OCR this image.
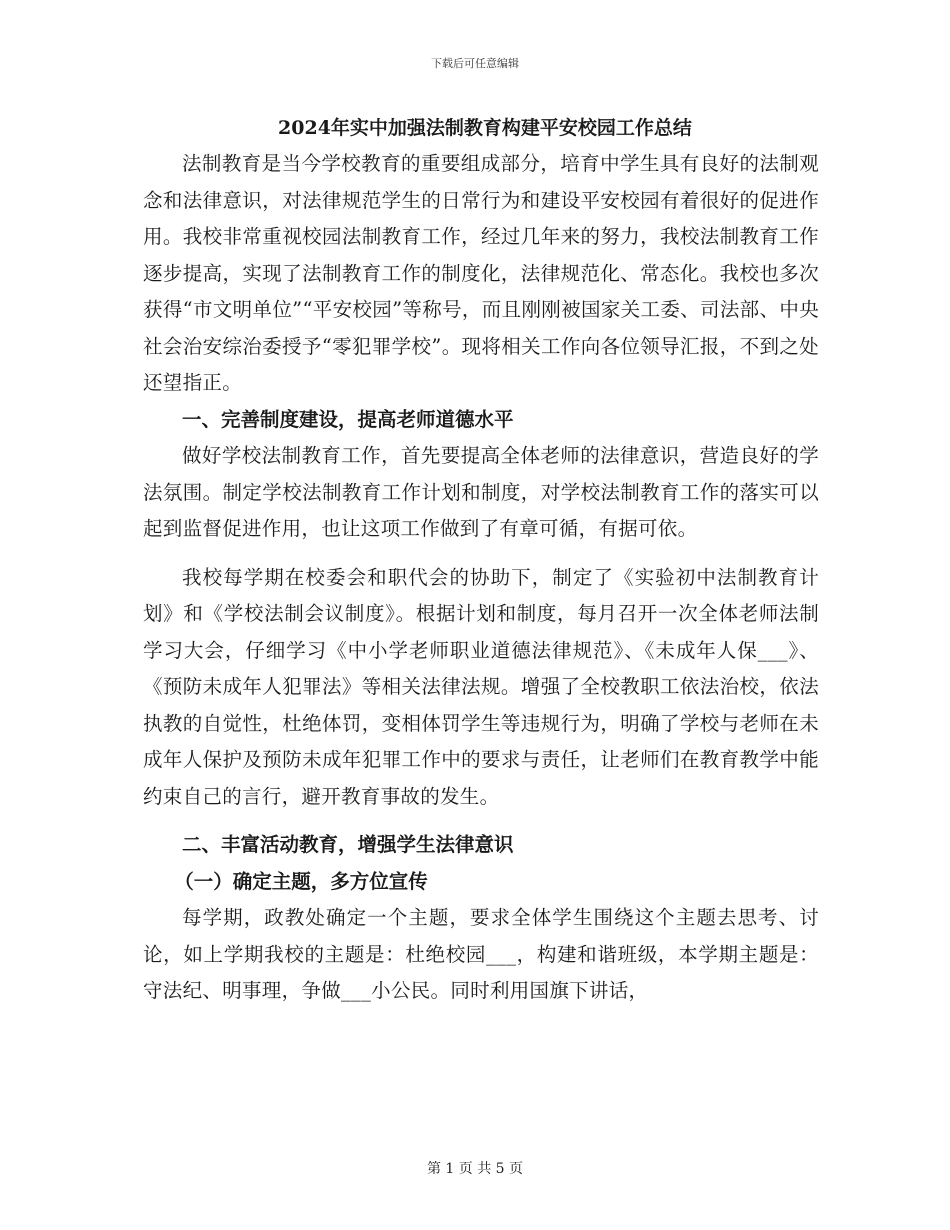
下载后可任意编辑

2024年实中加强法制教育构建平安校园工作总结

法制教育是当今学校教育的重要组成部分，培育中学生具有良好的法制观念和法律意识，对法律规范学生的日常行为和建设平安校园有着很好的促进作用。我校非常重视校园法制教育工作，经过几年来的努力，我校法制教育工作逐步提高，实现了法制教育工作的制度化，法律规范化、常态化。我校也多次获得“市文明单位”“平安校园”等称号，而且刚刚被国家关工委、司法部、中央社会治安综治委授予“零犯罪学校”。现将相关工作向各位领导汇报，不到之处还望指正。

一、完善制度建设，提高老师道德水平

做好学校法制教育工作，首先要提高全体老师的法律意识，营造良好的学法氛围。制定学校法制教育工作计划和制度，对学校法制教育工作的落实可以起到监督促进作用，也让这项工作做到了有章可循，有据可依。

我校每学期在校委会和职代会的协助下，制定了《实验初中法制教育计划》和《学校法制会议制度》。根据计划和制度，每月召开一次全体老师法制学习大会，仔细学习《中小学老师职业道德法律规范》、《未成年人保___》、《预防未成年人犯罪法》等相关法律法规。增强了全校教职工依法治校，依法执教的自觉性，杜绝体罚，变相体罚学生等违规行为，明确了学校与老师在未成年人保护及预防未成年犯罪工作中的要求与责任，让老师们在教育教学中能约束自己的言行，避开教育事故的发生。

二、丰富活动教育，增强学生法律意识

（一）确定主题，多方位宣传

每学期，政教处确定一个主题，要求全体学生围绕这个主题去思考、讨论，如上学期我校的主题是：杜绝校园___，构建和谐班级，本学期主题是：守法纪、明事理，争做___小公民。同时利用国旗下讲话，

第 1 页 共 5 页
